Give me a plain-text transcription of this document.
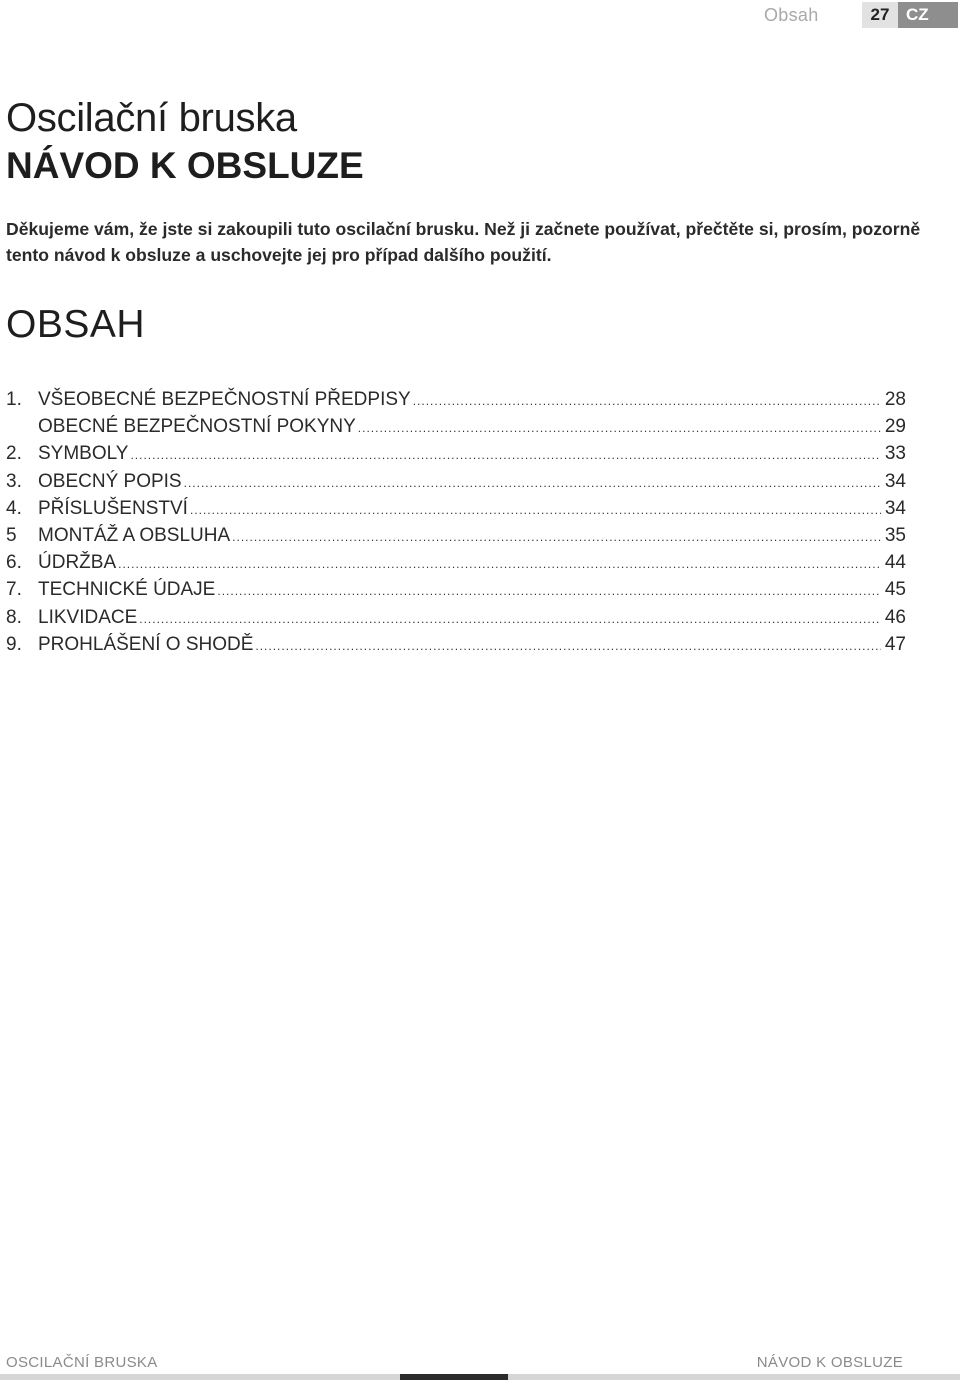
Obsah	27 CZ
Oscilační bruska
NÁVOD K OBSLUZE

Děkujeme vám, že jste si zakoupili tuto oscilační brusku. Než ji začnete používat, přečtěte si, prosím, pozorně tento návod k obsluze a uschovejte jej pro případ dalšího použití.

OBSAH
1. VŠEOBECNÉ BEZPEČNOSTNÍ PŘEDPISY .....	28
OBECNÉ BEZPEČNOSTNÍ POKYNY .....	29
2. SYMBOLY .....	33
3. OBECNÝ POPIS .....	34
4. PŘÍSLUŠENSTVÍ .....	34
5	MONTÁŽ A OBSLUHA .....	35
6. ÚDRŽBA .....	44
7. TECHNICKÉ ÚDAJE .....	45
8. LIKVIDACE .....	46
9. PROHLÁŠENÍ O SHODĚ .....	47
OSCILAČNÍ BRUSKA	NÁVOD K OBSLUZE
